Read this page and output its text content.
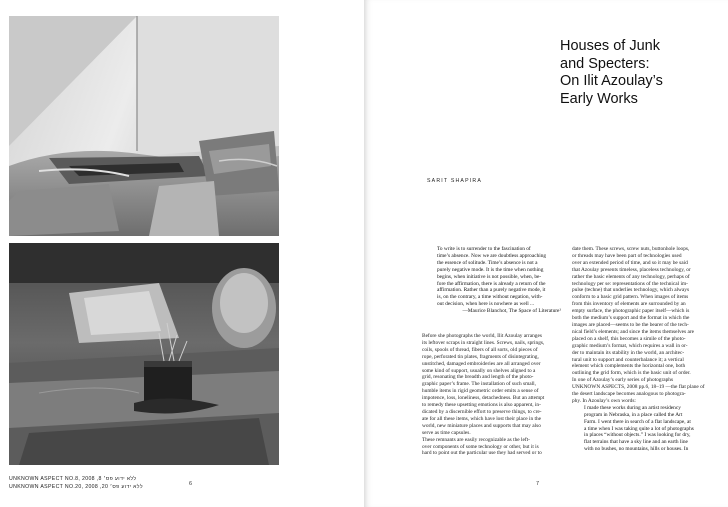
UNKNOWN ASPECT NO.8, 2008 ,8 ללא ידוע פס׳
UNKNOWN ASPECT NO.20, 2008 ,20 ללא ידוע פס׳	6
Houses of Junk
and Specters:
On Ilit Azoulay’s
Early Works
SARIT SHAPIRA
To write is to surrender to the fascination of
time’s absence. Now we are doubtless approaching
the essence of solitude. Time’s absence is not a
purely negative mode. It is the time when nothing
begins, when initiative is not possible, when, be-
fore the affirmation, there is already a return of the
affirmation. Rather than a purely negative mode, it
is, on the contrary, a time without negation, with-
out decision, when here is nowhere as well ...
—Maurice Blanchot, The Space of Literature¹
Before she photographs the world, Ilit Azoulay arranges
its leftover scraps in straight lines. Screws, nails, springs,
coils, spools of thread, fibers of all sorts, old pieces of
rope, perforated tin plates, fragments of disintegrating,
unstitched, damaged embroideries are all arranged over
some kind of support, usually on shelves aligned to a
grid, resonating the breadth and length of the photo-
graphic paper’s frame. The installation of such small,
humble items in rigid geometric order emits a sense of
impotence, loss, loneliness, detachedness. But an attempt
to remedy these upsetting emotions is also apparent, in-
dicated by a discernible effort to preserve things, to cre-
ate for all these items, which have lost their place in the
world, new miniature places and supports that may also
serve as time capsules.
These remnants are easily recognizable as the left-
over components of some technology or other, but it is
hard to point out the particular use they had served or to
date them. These screws, screw nuts, buttonhole loops,
or threads may have been part of technologies used
over an extended period of time, and so it may be said
that Azoulay presents timeless, placeless technology, or
rather the basic elements of any technology, perhaps of
technology per se: representations of the technical im-
pulse (techne) that underlies technology, which always
conform to a basic grid pattern. When images of items
from this inventory of elements are surrounded by an
empty surface, the photographic paper itself—which is
both the medium’s support and the format in which the
images are placed—seems to be the bearer of the tech-
nical field’s elements; and since the items themselves are
placed on a shelf, this becomes a simile of the photo-
graphic medium’s format, which requires a wall in or-
der to maintain its stability in the world, an architec-
tural unit to support and counterbalance it; a vertical
element which complements the horizontal one, both
outlining the grid form, which is the basic unit of order.
In one of Azoulay’s early series of photographs
UNKNOWN ASPECTS, 2008 pp.6, 18–19 —the flat plane of
the desert landscape becomes analogous to photogra-
phy. In Azoulay’s own words:
I made these works during an artist residency
program in Nebraska, in a place called the Art
Farm. I went there in search of a flat landscape, at
a time when I was taking quite a lot of photographs
in places “without objects.” I was looking for dry,
flat terrains that have a sky line and an earth line
with no bushes, no mountains, hills or houses. In
7
